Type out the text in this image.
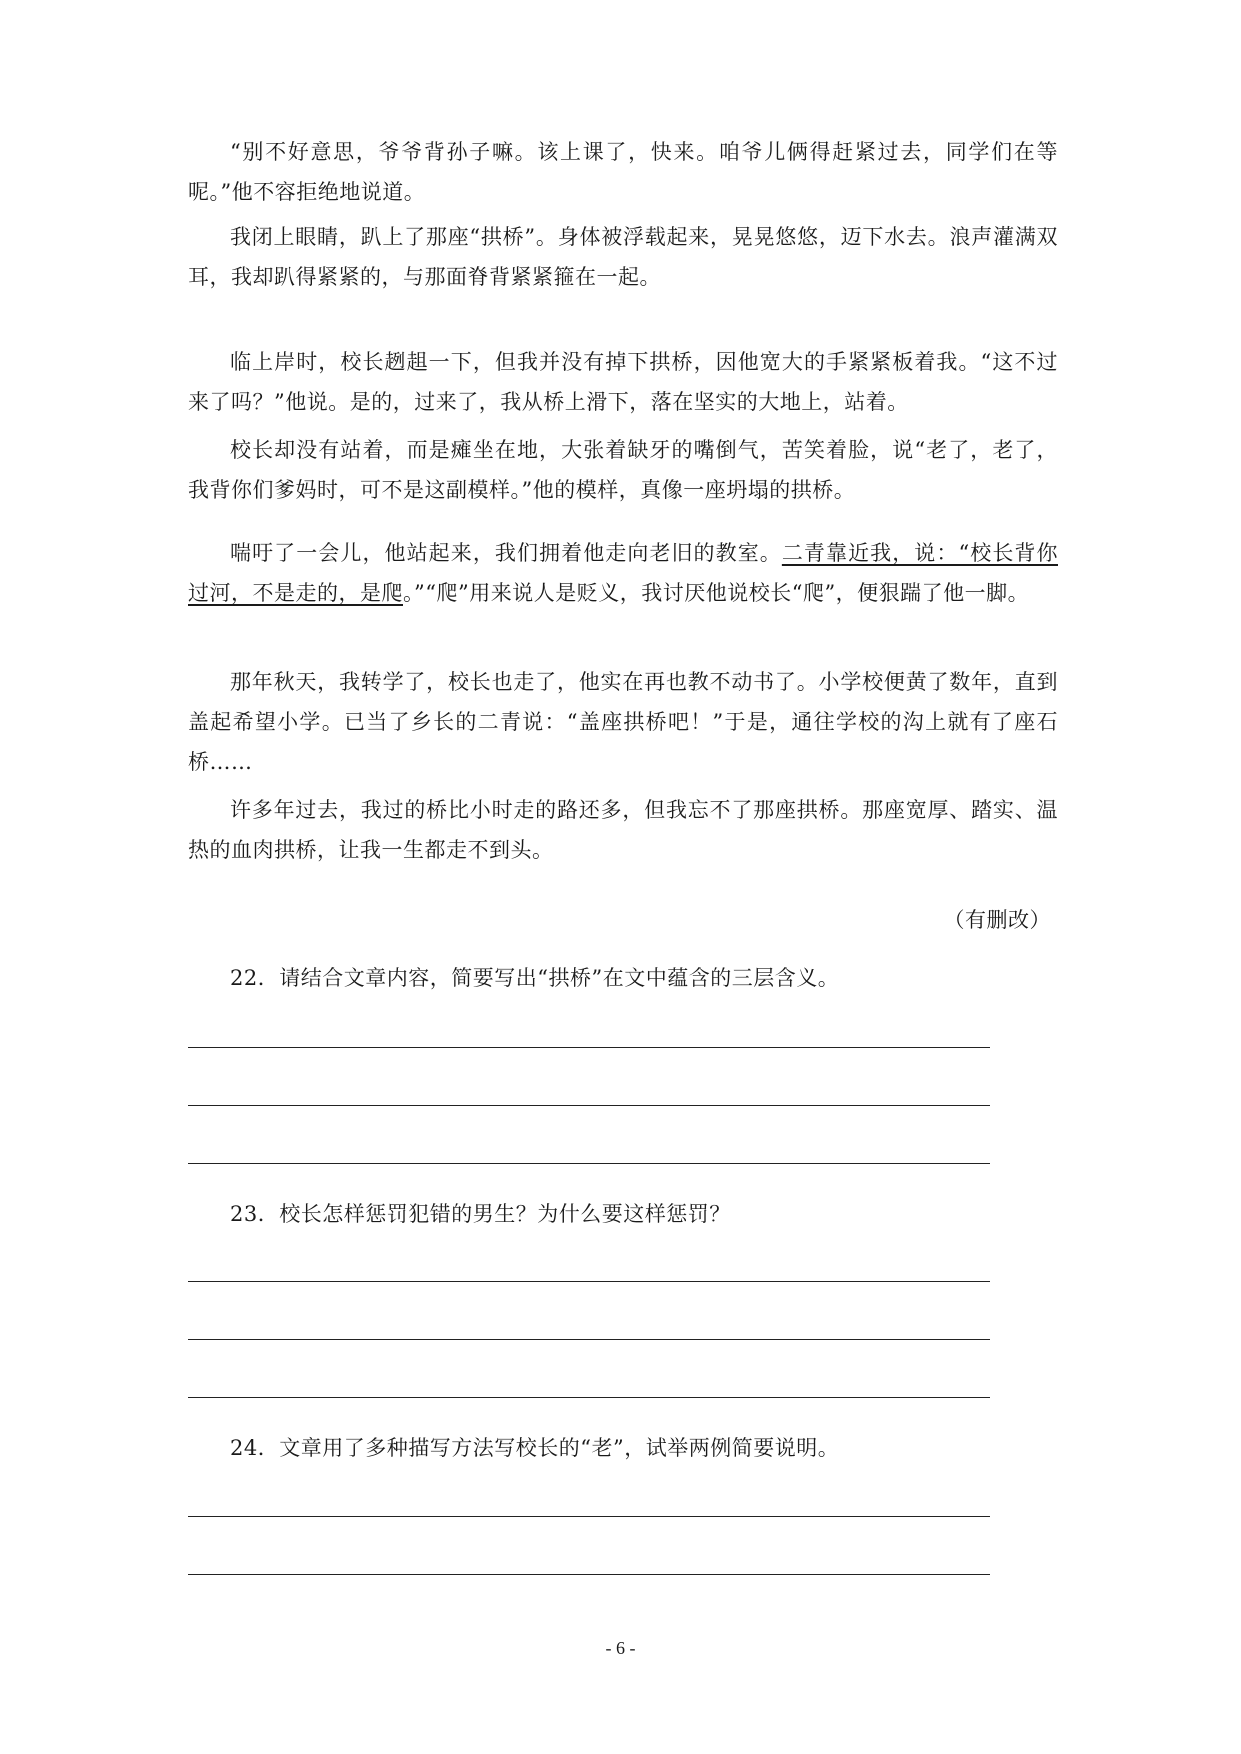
“别不好意思，爷爷背孙子嘛。该上课了，快来。咱爷儿俩得赶紧过去，同学们在等呢。”他不容拒绝地说道。

我闭上眼睛，趴上了那座“拱桥”。身体被浮载起来，晃晃悠悠，迈下水去。浪声灌满双耳，我却趴得紧紧的，与那面脊背紧紧箍在一起。

临上岸时，校长趔趄一下，但我并没有掉下拱桥，因他宽大的手紧紧板着我。“这不过来了吗？”他说。是的，过来了，我从桥上滑下，落在坚实的大地上，站着。

校长却没有站着，而是瘫坐在地，大张着缺牙的嘴倒气，苦笑着脸，说“老了，老了，我背你们爹妈时，可不是这副模样。”他的模样，真像一座坍塌的拱桥。

喘吁了一会儿，他站起来，我们拥着他走向老旧的教室。二青靠近我，说：“校长背你过河，不是走的，是爬。”“爬”用来说人是贬义，我讨厌他说校长“爬”，便狠踹了他一脚。

那年秋天，我转学了，校长也走了，他实在再也教不动书了。小学校便黄了数年，直到盖起希望小学。已当了乡长的二青说：“盖座拱桥吧！”于是，通往学校的沟上就有了座石桥……

许多年过去，我过的桥比小时走的路还多，但我忘不了那座拱桥。那座宽厚、踏实、温热的血肉拱桥，让我一生都走不到头。

（有删改）

22．请结合文章内容，简要写出“拱桥”在文中蕴含的三层含义。

23．校长怎样惩罚犯错的男生？为什么要这样惩罚？

24．文章用了多种描写方法写校长的“老”，试举两例简要说明。

- 6 -
